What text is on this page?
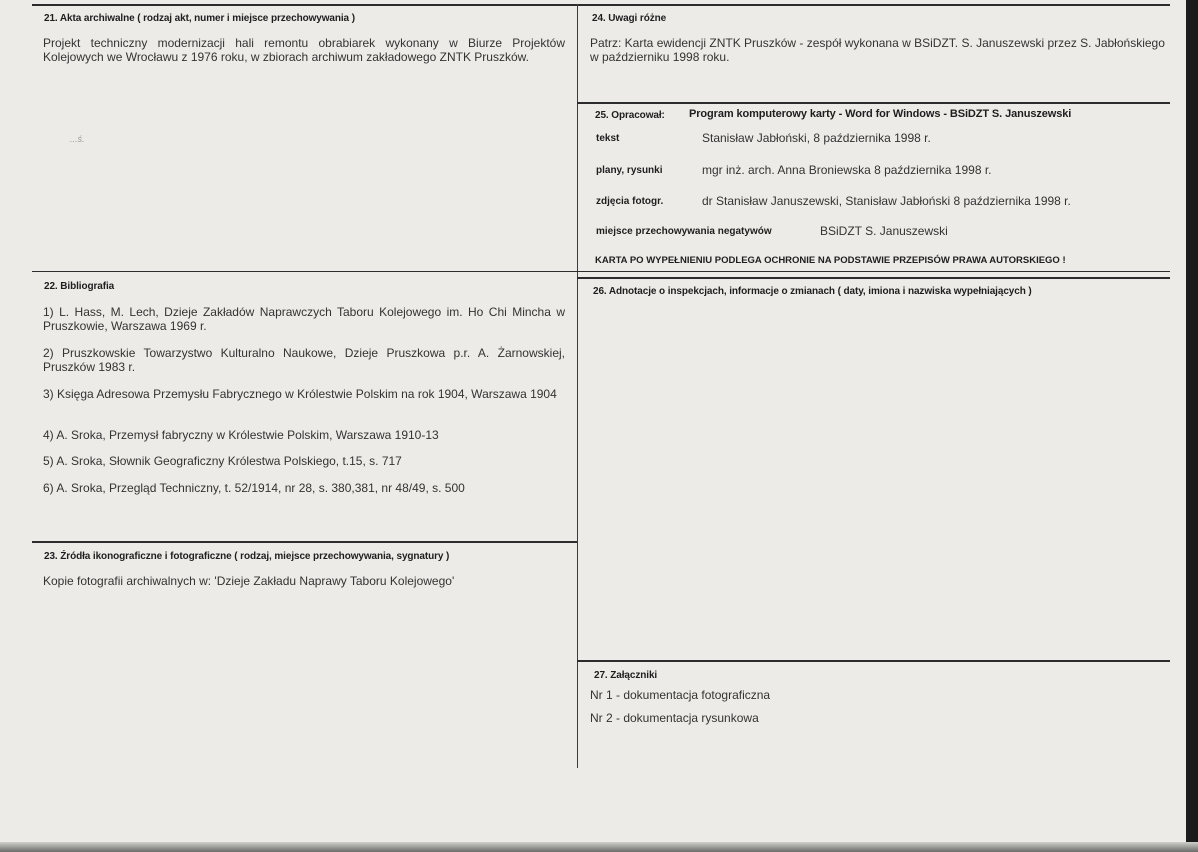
21. Akta archiwalne ( rodzaj akt, numer i miejsce przechowywania )
Projekt techniczny modernizacji hali remontu obrabiarek wykonany w Biurze Projektów Kolejowych we Wrocławu z 1976 roku, w zbiorach archiwum zakładowego ZNTK Pruszków.
...ś.
24. Uwagi różne
Patrz: Karta ewidencji ZNTK Pruszków - zespół wykonana w BSiDZT. S. Januszewski przez S. Jabłońskiego w październiku 1998 roku.
25. Opracował: Program komputerowy karty - Word for Windows - BSiDZT S. Januszewski
tekst	Stanisław Jabłoński, 8 października 1998 r.
plany, rysunki	mgr inż. arch. Anna Broniewska 8 października 1998 r.
zdjęcia fotogr.	dr Stanisław Januszewski, Stanisław Jabłoński 8 października 1998 r.
miejsce przechowywania negatywów	BSiDZT S. Januszewski
KARTA PO WYPEŁNIENIU PODLEGA OCHRONIE NA PODSTAWIE PRZEPISÓW PRAWA AUTORSKIEGO !
22. Bibliografia
1) L. Hass, M. Lech, Dzieje Zakładów Naprawczych Taboru Kolejowego im. Ho Chi Mincha w Pruszkowie, Warszawa 1969 r.
2) Pruszkowskie Towarzystwo Kulturalno Naukowe, Dzieje Pruszkowa p.r. A. Żarnowskiej, Pruszków 1983 r.
3) Księga Adresowa Przemysłu Fabrycznego w Królestwie Polskim na rok 1904, Warszawa 1904
4) A. Sroka, Przemysł fabryczny w Królestwie Polskim, Warszawa 1910-13
5) A. Sroka, Słownik Geograficzny Królestwa Polskiego, t.15, s. 717
6) A. Sroka, Przegląd Techniczny, t. 52/1914, nr 28, s. 380,381, nr 48/49, s. 500
26. Adnotacje o inspekcjach, informacje o zmianach ( daty, imiona i nazwiska wypełniających )
23. Źródła ikonograficzne i fotograficzne ( rodzaj, miejsce przechowywania, sygnatury )
Kopie fotografii archiwalnych w: 'Dzieje Zakładu Naprawy Taboru Kolejowego'
27. Załączniki
Nr 1 - dokumentacja fotograficzna
Nr 2 - dokumentacja rysunkowa
